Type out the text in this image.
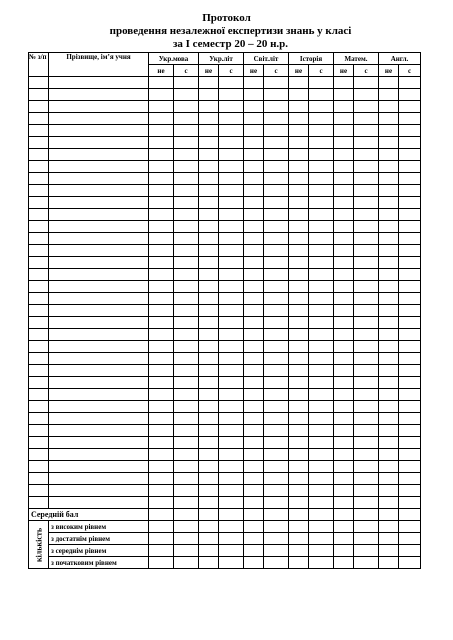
Протокол
проведення незалежної експертизи знань у класі
за І семестр 20 – 20 н.р.
№ з/п	Прізвище, ім’я учня	Укр.мова		Укр.літ		Світ.літ		Історія		Матем.		Англ.	
		не	с	не	с	не	с	не	с	не	с	не	с

Середній бал													

кількість	з високим рівнем												
	з достатнім рівнем												
	з середнім рівнем												
	з початковим рівнем												
